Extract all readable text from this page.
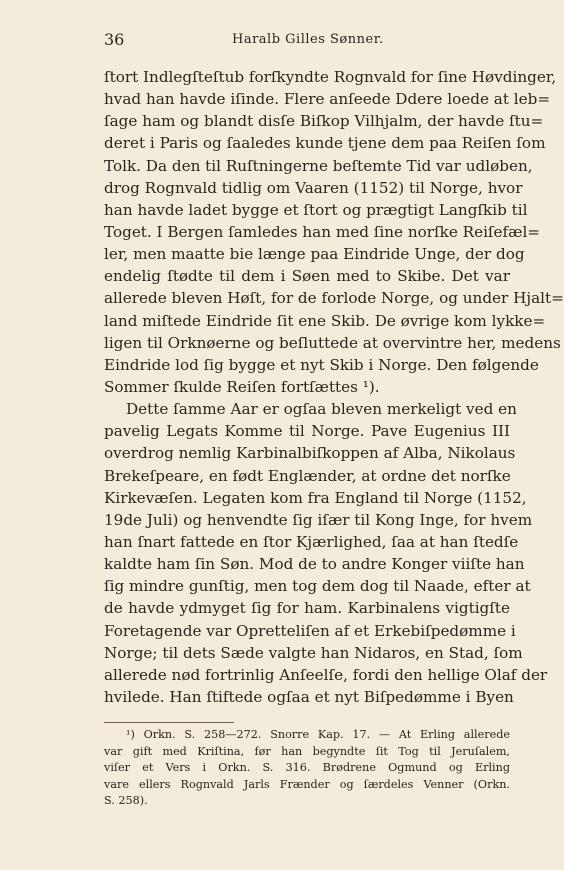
36	Haralb Gilles Sønner.
ſtort Indlegſteſtub forſkyndte Rognvald for ſine Høvdinger,
hvad han havde iſinde. Flere anſeede Ddere loede at leb=
ſage ham og blandt disſe Biſkop Vilhjalm, der havde ſtu=
deret i Paris og ſaaledes kunde tjene dem paa Reiſen ſom
Tolk. Da den til Ruſtningerne beſtemte Tid var udløben,
drog Rognvald tidlig om Vaaren (1152) til Norge, hvor
han havde ladet bygge et ſtort og prægtigt Langſkib til
Toget. I Bergen ſamledes han med ſine norſke Reiſefæl=
ler, men maatte bie længe paa Eindride Unge, der dog
endelig ſtødte til dem i Søen med to Skibe. Det var
allerede bleven Høſt, for de forlode Norge, og under Hjalt=
land miſtede Eindride ſit ene Skib. De øvrige kom lykke=
ligen til Orknøerne og beſluttede at overvintre her, medens
Eindride lod ſig bygge et nyt Skib i Norge. Den følgende
Sommer ſkulde Reiſen fortſættes ¹).
Dette ſamme Aar er ogſaa bleven merkeligt ved en
pavelig Legats Komme til Norge. Pave Eugenius III
overdrog nemlig Karbinalbiſkoppen af Alba, Nikolaus
Brekeſpeare, en født Englænder, at ordne det norſke
Kirkevæſen. Legaten kom fra England til Norge (1152,
19de Juli) og henvendte ſig iſær til Kong Inge, for hvem
han ſnart fattede en ſtor Kjærlighed, ſaa at han ſtedſe
kaldte ham ſin Søn. Mod de to andre Konger viiſte han
ſig mindre gunſtig, men tog dem dog til Naade, efter at
de havde ydmyget ſig for ham. Karbinalens vigtigſte
Foretagende var Opretteliſen af et Erkebiſpedømme i
Norge; til dets Sæde valgte han Nidaros, en Stad, ſom
allerede nød fortrinlig Anſeelſe, fordi den hellige Olaf der
hvilede. Han ſtiftede ogſaa et nyt Biſpedømme i Byen
¹) Orkn. S. 258—272. Snorre Kap. 17. — At Erling allerede
var gift med Kriſtina, før han begyndte ſit Tog til Jeruſalem,
viſer et Vers i Orkn. S. 316. Brødrene Ogmund og Erling
vare ellers Rognvald Jarls Frænder og ſærdeles Venner (Orkn.
S. 258).
